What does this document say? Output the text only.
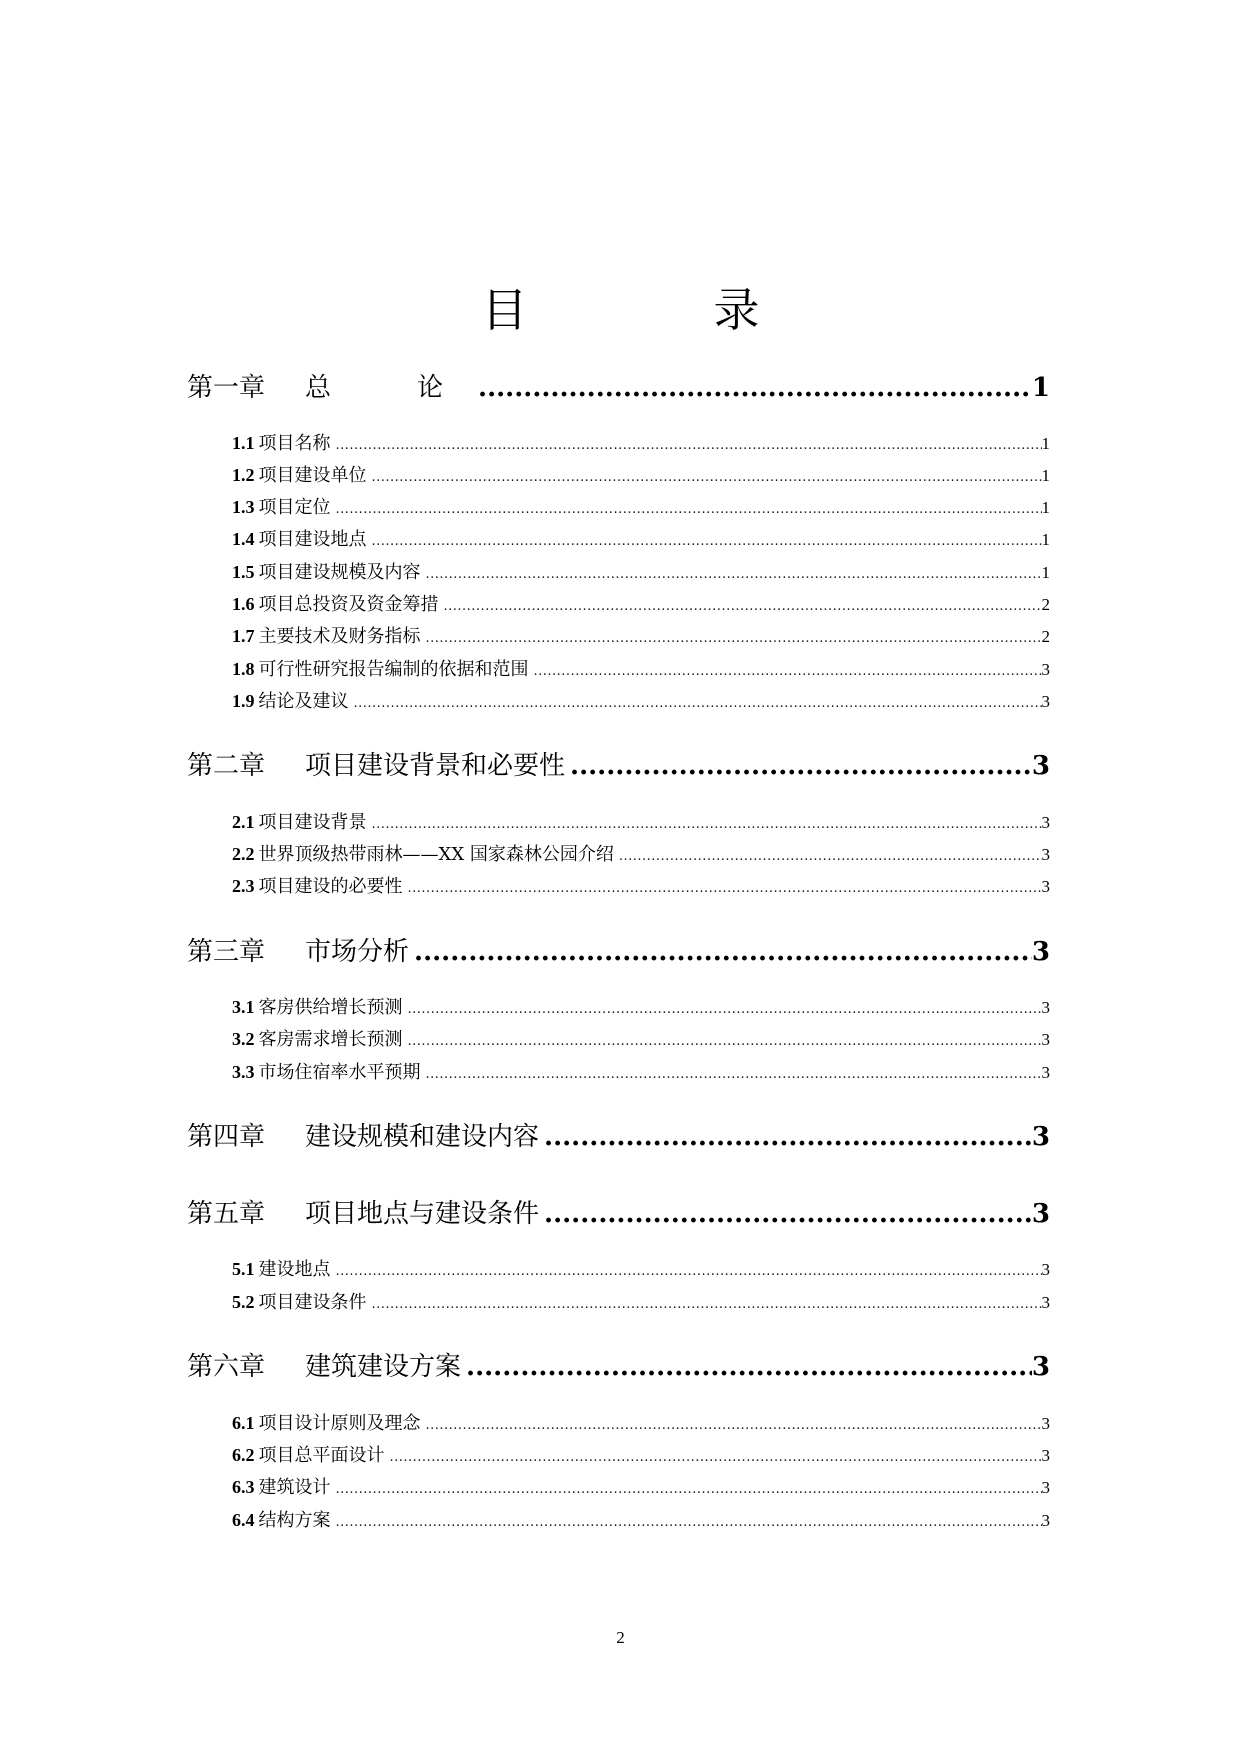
目　录
第一章 总　论 .....	1
1.1 项目名称 .....	1
1.2 项目建设单位 .....	1
1.3 项目定位 .....	1
1.4 项目建设地点 .....	1
1.5 项目建设规模及内容 .....	1
1.6 项目总投资及资金筹措 .....	2
1.7 主要技术及财务指标 .....	2
1.8 可行性研究报告编制的依据和范围 .....	3
1.9 结论及建议 .....	3
第二章 项目建设背景和必要性 .....	3
2.1 项目建设背景 .....	3
2.2 世界顶级热带雨林——XX 国家森林公园介绍 .....	3
2.3 项目建设的必要性 .....	3
第三章 市场分析 .....	3
3.1 客房供给增长预测 .....	3
3.2 客房需求增长预测 .....	3
3.3 市场住宿率水平预期 .....	3
第四章 建设规模和建设内容 .....	3
第五章 项目地点与建设条件 .....	3
5.1 建设地点 .....	3
5.2 项目建设条件 .....	3
第六章 建筑建设方案 .....	3
6.1 项目设计原则及理念 .....	3
6.2 项目总平面设计 .....	3
6.3 建筑设计 .....	3
6.4 结构方案 .....	3
2
